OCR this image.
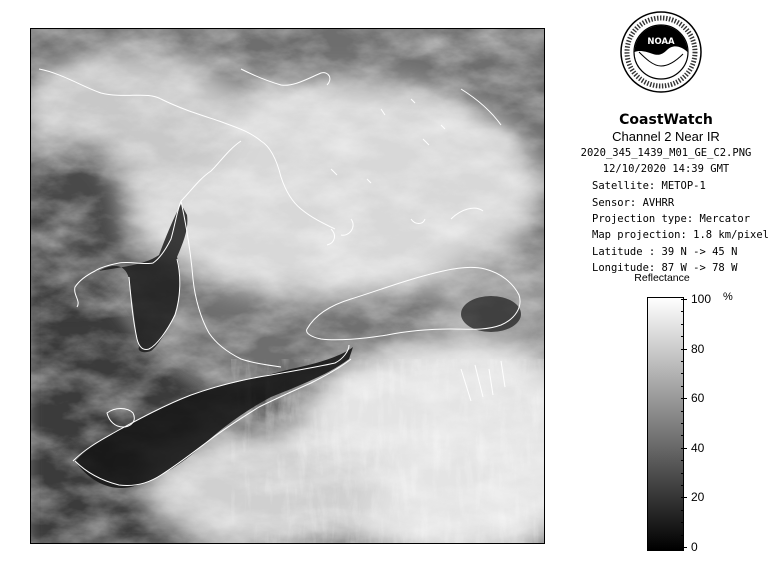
NOAA
CoastWatch
Channel 2 Near IR
2020_345_1439_M01_GE_C2.PNG
12/10/2020 14:39 GMT
Satellite: METOP-1
Sensor: AVHRR
Projection type: Mercator
Map projection: 1.8 km/pixel
Latitude : 39 N -> 45 N
Longitude: 87 W -> 78 W
Reflectance
%
100
80
60
40
20
0
